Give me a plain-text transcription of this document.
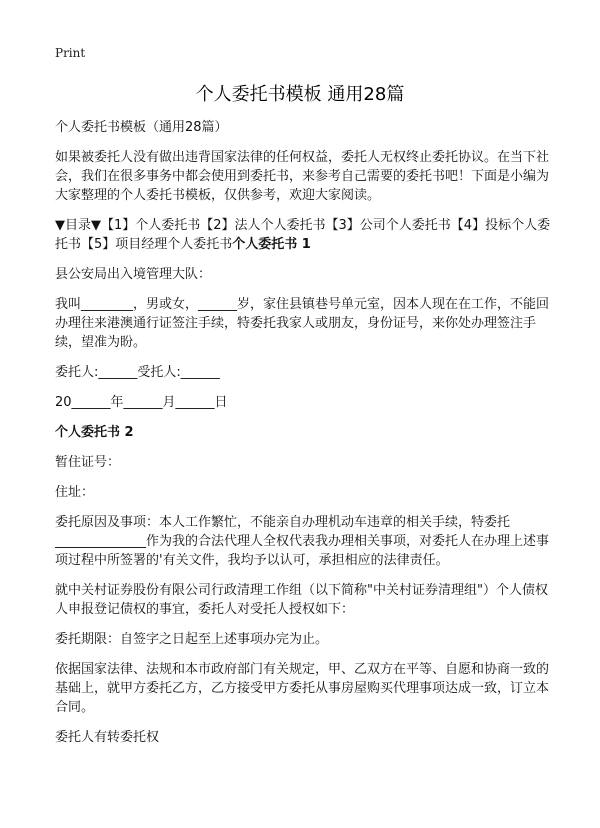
Print
个人委托书模板 通用28篇

个人委托书模板（通用28篇）

如果被委托人没有做出违背国家法律的任何权益，委托人无权终止委托协议。在当下社会，我们在很多事务中都会使用到委托书，来参考自己需要的委托书吧！下面是小编为大家整理的个人委托书模板，仅供参考，欢迎大家阅读。

▼目录▼【1】个人委托书【2】法人个人委托书【3】公司个人委托书【4】投标个人委托书【5】项目经理个人委托书个人委托书 1

县公安局出入境管理大队：

我叫________，男或女，______岁，家住县镇巷号单元室，因本人现在在工作，不能回办理往来港澳通行证签注手续，特委托我家人或朋友，身份证号，来你处办理签注手续，望准为盼。

委托人:______受托人:______

20______年______月______日

个人委托书 2

暂住证号：

住址：

委托原因及事项：本人工作繁忙，不能亲自办理机动车违章的相关手续，特委托______________作为我的合法代理人全权代表我办理相关事项，对委托人在办理上述事项过程中所签署的'有关文件，我均予以认可，承担相应的法律责任。

就中关村证券股份有限公司行政清理工作组（以下简称"中关村证券清理组"）个人债权人申报登记债权的事宜，委托人对受托人授权如下：

委托期限：自签字之日起至上述事项办完为止。

依据国家法律、法规和本市政府部门有关规定，甲、乙双方在平等、自愿和协商一致的基础上，就甲方委托乙方，乙方接受甲方委托从事房屋购买代理事项达成一致，订立本合同。

委托人有转委托权
